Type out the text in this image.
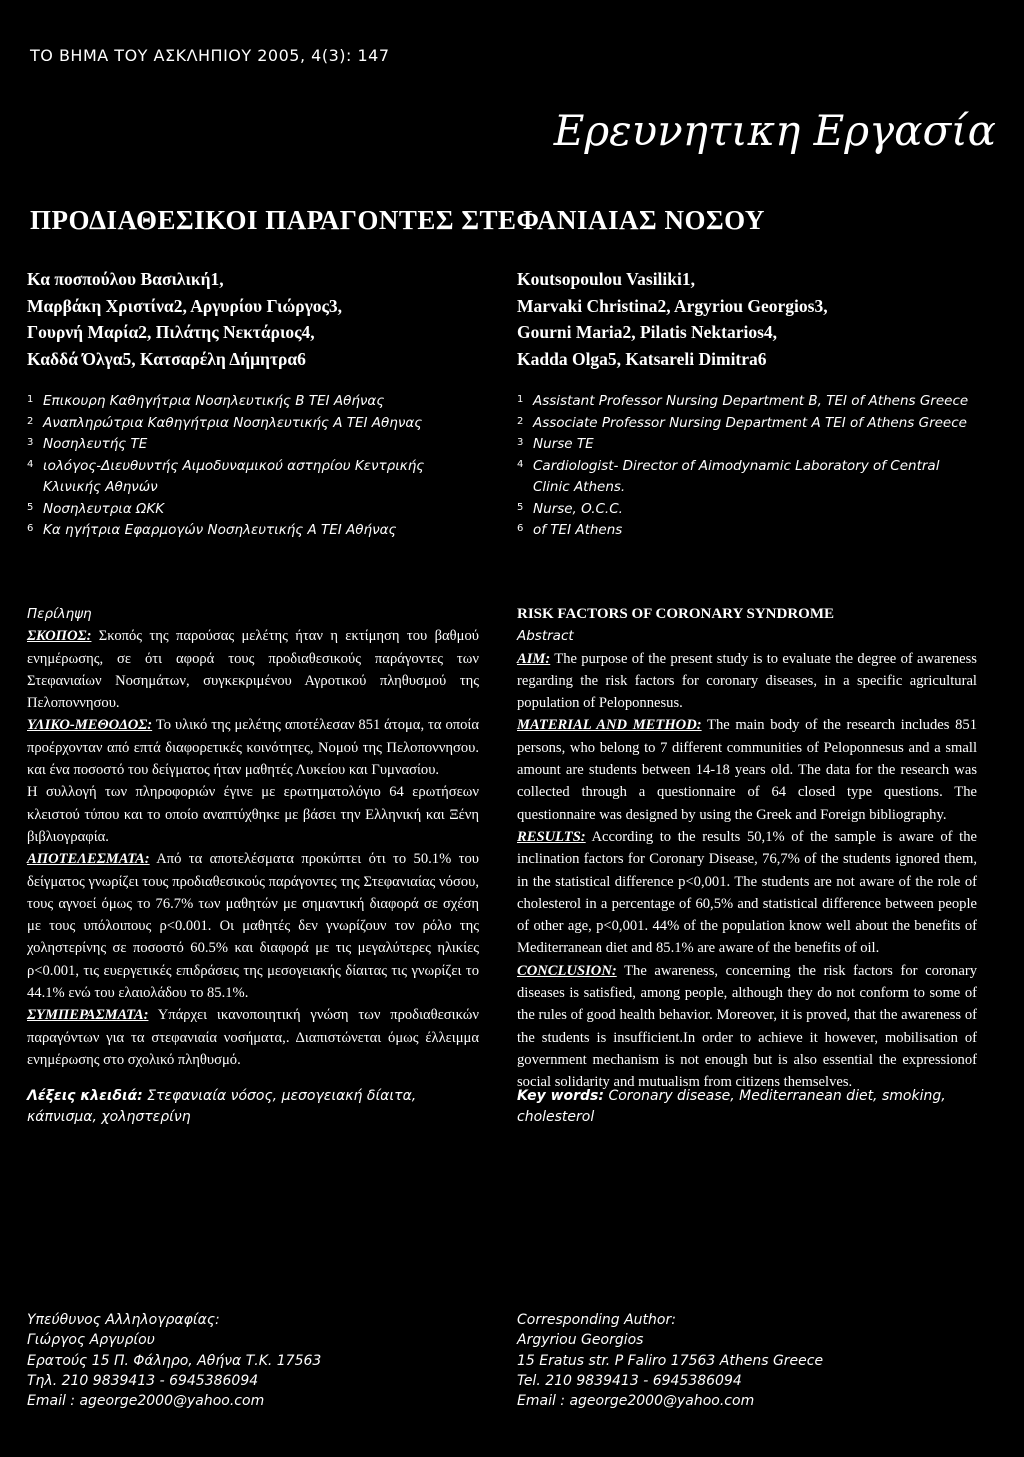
ΤΟ ΒΗΜΑ ΤΟΥ ΑΣΚΛΗΠΙΟΥ 2005, 4(3): 147
Ερευνητικη Εργασία
ΠΡΟΔΙΑΘΕΣΙΚΟΙ ΠΑΡΑΓΟΝΤΕΣ ΣΤΕΦΑΝΙΑΙΑΣ ΝΟΣΟΥ
Κα ποσπούλου Βασιλική1,
Μαρβάκη Χριστίνα2, Αργυρίου Γιώργος3,
Γουρνή Μαρία2, Πιλάτης Νεκτάριος4,
Καδδά Όλγα5, Κατσαρέλη Δήμητρα6
Koutsopoulou Vasiliki1,
Marvaki Christina2, Argyriou Georgios3,
Gourni Maria2, Pilatis Nektarios4,
Kadda Olga5, Katsareli Dimitra6
1 Επικουρη Καθηγήτρια Νοσηλευτικής Β ΤΕΙ Αθήνας
2 Αναπληρώτρια Καθηγήτρια Νοσηλευτικής Α ΤΕΙ Αθηνας
3 Νοσηλευτής ΤΕ
4 ιολόγος-Διευθυντής Αιμοδυναμικού αστηρίου Κεντρικής Κλινικής Αθηνών
5 Νοσηλευτρια ΩΚΚ
6 Κα ηγήτρια Εφαρμογών Νοσηλευτικής Α ΤΕΙ Αθήνας
1 Assistant Professor Nursing Department B, TEI of Athens Greece
2 Associate Professor Nursing Department A TEI of Athens Greece
3 Nurse TE
4 Cardiologist- Director of Aimodynamic Laboratory of Central Clinic Athens.
5 Nurse, O.C.C.
6 of TEI Athens
Περίληψη

ΣΚΟΠΟΣ: Σκοπός της παρούσας μελέτης ήταν η εκτίμηση του βαθμού ενημέρωσης, σε ότι αφορά τους προδιαθεσικούς παράγοντες των Στεφανιαίων Νοσημάτων, συγκεκριμένου Αγροτικού πληθυσμού της Πελοποννησου.

ΥΛΙΚΟ-ΜΕΘΟΔΟΣ: Το υλικό της μελέτης αποτέλεσαν 851 άτομα, τα οποία προέρχονταν από επτά διαφορετικές κοινότητες, Νομού της Πελοποννησου. και ένα ποσοστό του δείγματος ήταν μαθητές Λυκείου και Γυμνασίου.

Η συλλογή των πληροφοριών έγινε με ερωτηματολόγιο 64 ερωτήσεων κλειστού τύπου και το οποίο αναπτύχθηκε με βάσει την Ελληνική και Ξένη βιβλιογραφία.

ΑΠΟΤΕΛΕΣΜΑΤΑ: Από τα αποτελέσματα προκύπτει ότι το 50.1% του δείγματος γνωρίζει τους προδιαθεσικούς παράγοντες της Στεφανιαίας νόσου, τους αγνοεί όμως το 76.7% των μαθητών με σημαντική διαφορά σε σχέση με τους υπόλοιπους ρ<0.001. Οι μαθητές δεν γνωρίζουν τον ρόλο της χοληστερίνης σε ποσοστό 60.5% και διαφορά με τις μεγαλύτερες ηλικίες ρ<0.001, τις ευεργετικές επιδράσεις της μεσογειακής δίαιτας τις γνωρίζει το 44.1% ενώ του ελαιολάδου το 85.1%.

ΣΥΜΠΕΡΑΣΜΑΤΑ: Υπάρχει ικανοποιητική γνώση των προδιαθεσικών παραγόντων για τα στεφανιαία νοσήματα,. Διαπιστώνεται όμως έλλειμμα ενημέρωσης στο σχολικό πληθυσμό.

RISK FACTORS OF CORONARY SYNDROME
Abstract

AIM: The purpose of the present study is to evaluate the degree of awareness regarding the risk factors for coronary diseases, in a specific agricultural population of Peloponnesus.

MATERIAL AND METHOD: The main body of the research includes 851 persons, who belong to 7 different communities of Peloponnesus and a small amount are students between 14-18 years old. The data for the research was collected through a questionnaire of 64 closed type questions. The questionnaire was designed by using the Greek and Foreign bibliography.

RESULTS: According to the results 50,1% of the sample is aware of the inclination factors for Coronary Disease, 76,7% of the students ignored them, in the statistical difference p<0,001. The students are not aware of the role of cholesterol in a percentage of 60,5% and statistical difference between people of other age, p<0,001. 44% of the population know well about the benefits of Mediterranean diet and 85.1% are aware of the benefits of oil.

CONCLUSION: The awareness, concerning the risk factors for coronary diseases is satisfied, among people, although they do not conform to some of the rules of good health behavior. Moreover, it is proved, that the awareness of the students is insufficient.In order to achieve it however, mobilisation of government mechanism is not enough but is also essential the expressionof social solidarity and mutualism from citizens themselves.

Λέξεις κλειδιά: Στεφανιαία νόσος, μεσογειακή δίαιτα, κάπνισμα, χοληστερίνη
Key words: Coronary disease, Mediterranean diet, smoking, cholesterol
Υπεύθυνος Αλληλογραφίας:
Γιώργος Αργυρίου
Ερατούς 15 Π. Φάληρο, Αθήνα Τ.Κ. 17563
Τηλ. 210 9839413 - 6945386094
Email : ageorge2000@yahoo.com
Corresponding Author:
Argyriou Georgios
15 Eratus str. P Faliro 17563 Athens Greece
Tel. 210 9839413 - 6945386094
Email : ageorge2000@yahoo.com
